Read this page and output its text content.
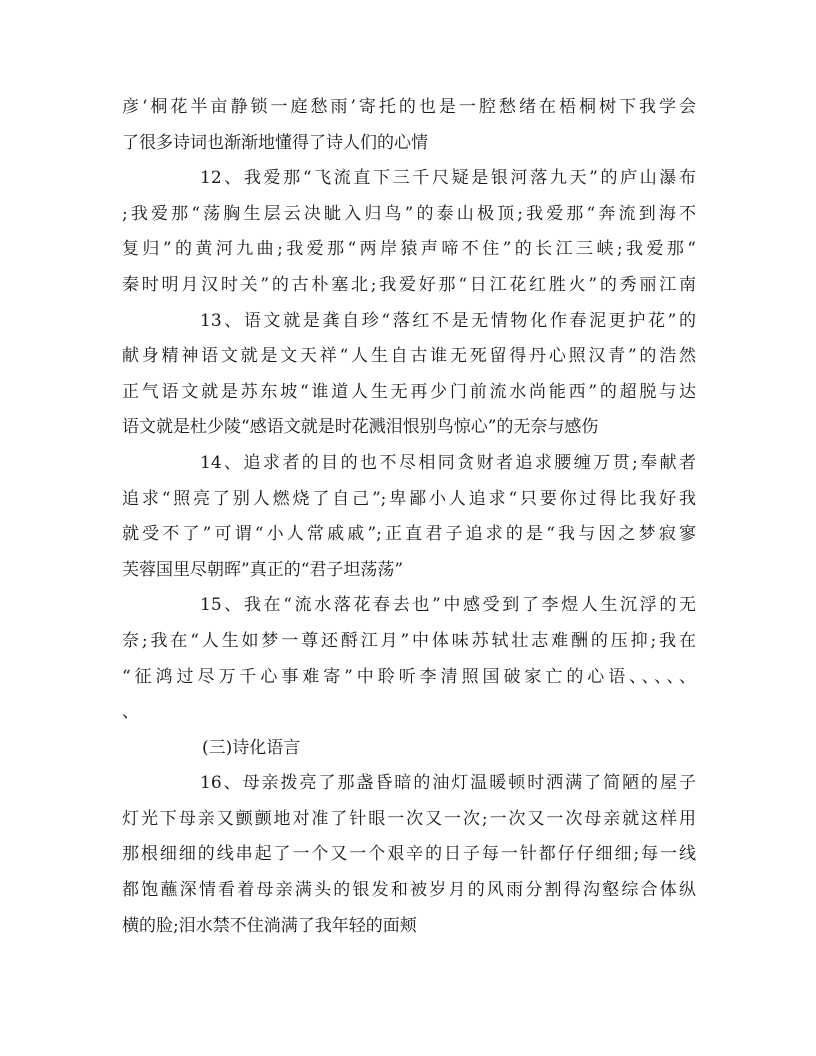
彦‘桐花半亩静锁一庭愁雨’寄托的也是一腔愁绪在梧桐树下我学会
了很多诗词也渐渐地懂得了诗人们的心情
12、我爱那“飞流直下三千尺疑是银河落九天”的庐山瀑布
;我爱那“荡胸生层云决眦入归鸟”的泰山极顶;我爱那“奔流到海不
复归”的黄河九曲;我爱那“两岸猿声啼不住”的长江三峡;我爱那“
秦时明月汉时关”的古朴塞北;我爱好那“日江花红胜火”的秀丽江南
13、语文就是龚自珍“落红不是无情物化作春泥更护花”的
献身精神语文就是文天祥“人生自古谁无死留得丹心照汉青”的浩然
正气语文就是苏东坡“谁道人生无再少门前流水尚能西”的超脱与达
语文就是杜少陵“感语文就是时花溅泪恨别鸟惊心”的无奈与感伤
14、追求者的目的也不尽相同贪财者追求腰缠万贯;奉献者
追求“照亮了别人燃烧了自己”;卑鄙小人追求“只要你过得比我好我
就受不了”可谓“小人常戚戚”;正直君子追求的是“我与因之梦寂寥
芙蓉国里尽朝晖”真正的“君子坦荡荡”
15、我在“流水落花春去也”中感受到了李煜人生沉浮的无
奈;我在“人生如梦一尊还酹江月”中体味苏轼壮志难酬的压抑;我在
“征鸿过尽万千心事难寄”中聆听李清照国破家亡的心语、、、、、
、
(三)诗化语言
16、母亲拨亮了那盏昏暗的油灯温暖顿时洒满了简陋的屋子
灯光下母亲又颤颤地对准了针眼一次又一次;一次又一次母亲就这样用
那根细细的线串起了一个又一个艰辛的日子每一针都仔仔细细;每一线
都饱蘸深情看着母亲满头的银发和被岁月的风雨分割得沟壑综合体纵
横的脸;泪水禁不住淌满了我年轻的面颊
